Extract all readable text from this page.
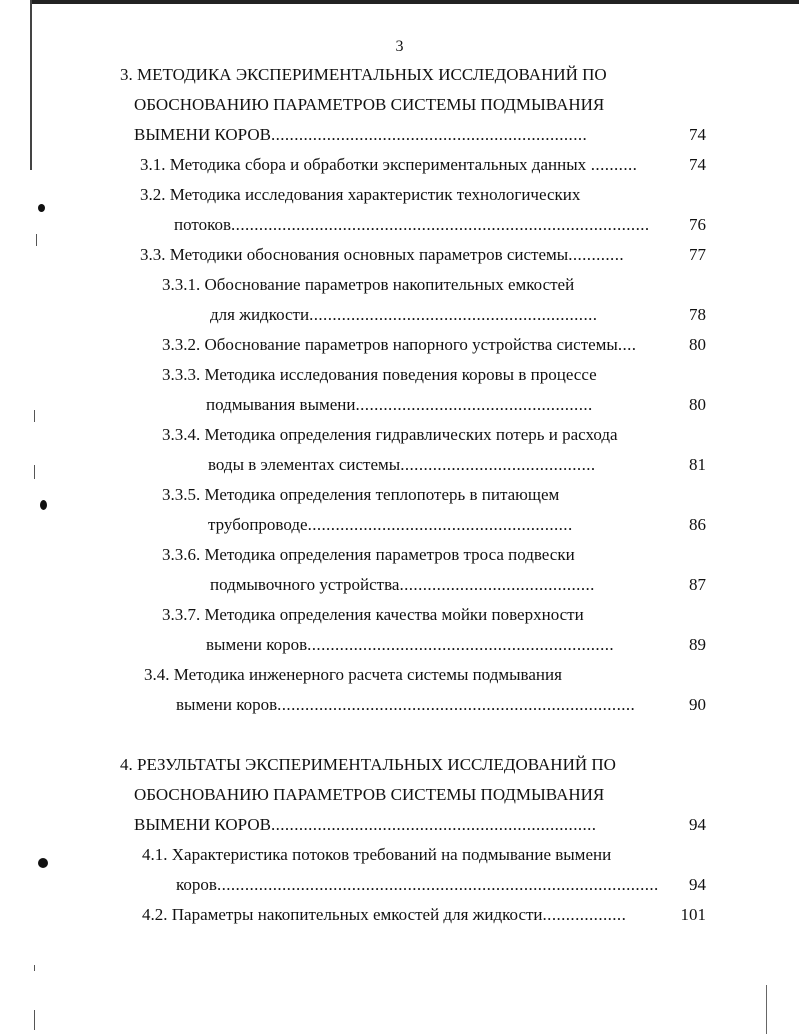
3
3. МЕТОДИКА ЭКСПЕРИМЕНТАЛЬНЫХ ИССЛЕДОВАНИЙ ПО
ОБОСНОВАНИЮ ПАРАМЕТРОВ СИСТЕМЫ ПОДМЫВАНИЯ
ВЫМЕНИ КОРОВ....................................................................	74
3.1. Методика сбора и обработки экспериментальных данных ..........	74
3.2. Методика исследования характеристик технологических
потоков..........................................................................................	76
3.3. Методики обоснования основных параметров системы............	77
3.3.1. Обоснование параметров накопительных емкостей
для жидкости..............................................................	78
3.3.2. Обоснование параметров напорного устройства системы....	80
3.3.3. Методика исследования поведения коровы в процессе
подмывания вымени...................................................	80
3.3.4. Методика определения гидравлических потерь и расхода
воды в элементах системы..........................................	81
3.3.5. Методика определения теплопотерь в питающем
трубопроводе.........................................................	86
3.3.6. Методика определения параметров троса подвески
подмывочного устройства..........................................	87
3.3.7. Методика определения качества мойки поверхности
вымени коров..................................................................	89
3.4. Методика инженерного расчета системы подмывания
вымени коров.............................................................................	90
4. РЕЗУЛЬТАТЫ ЭКСПЕРИМЕНТАЛЬНЫХ ИССЛЕДОВАНИЙ ПО
ОБОСНОВАНИЮ ПАРАМЕТРОВ СИСТЕМЫ ПОДМЫВАНИЯ
ВЫМЕНИ КОРОВ......................................................................	94
4.1. Характеристика потоков требований на подмывание вымени
коров...............................................................................................	94
4.2. Параметры накопительных емкостей для жидкости..................	101
